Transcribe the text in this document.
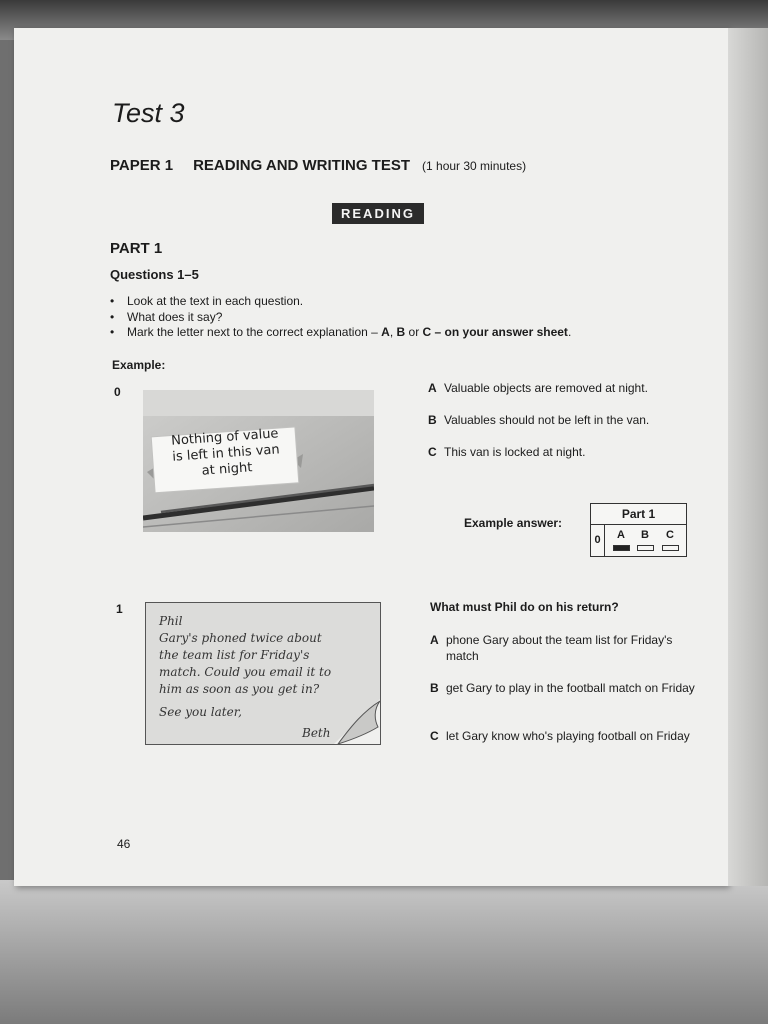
Test 3
PAPER 1 READING AND WRITING TEST (1 hour 30 minutes)
READING
PART 1
Questions 1–5
• Look at the text in each question.
• What does it say?
• Mark the letter next to the correct explanation – A, B or C – on your answer sheet.
Example:
0
Nothing of value
is left in this van
at night
A Valuable objects are removed at night.
B Valuables should not be left in the van.
C This van is locked at night.
Example answer:
Part 1
0	A	B	C
1
Phil
Gary's phoned twice about
the team list for Friday's
match. Could you email it to
him as soon as you get in?
See you later,
Beth
What must Phil do on his return?
A phone Gary about the team list for Friday's match
B get Gary to play in the football match on Friday
C let Gary know who's playing football on Friday
46
